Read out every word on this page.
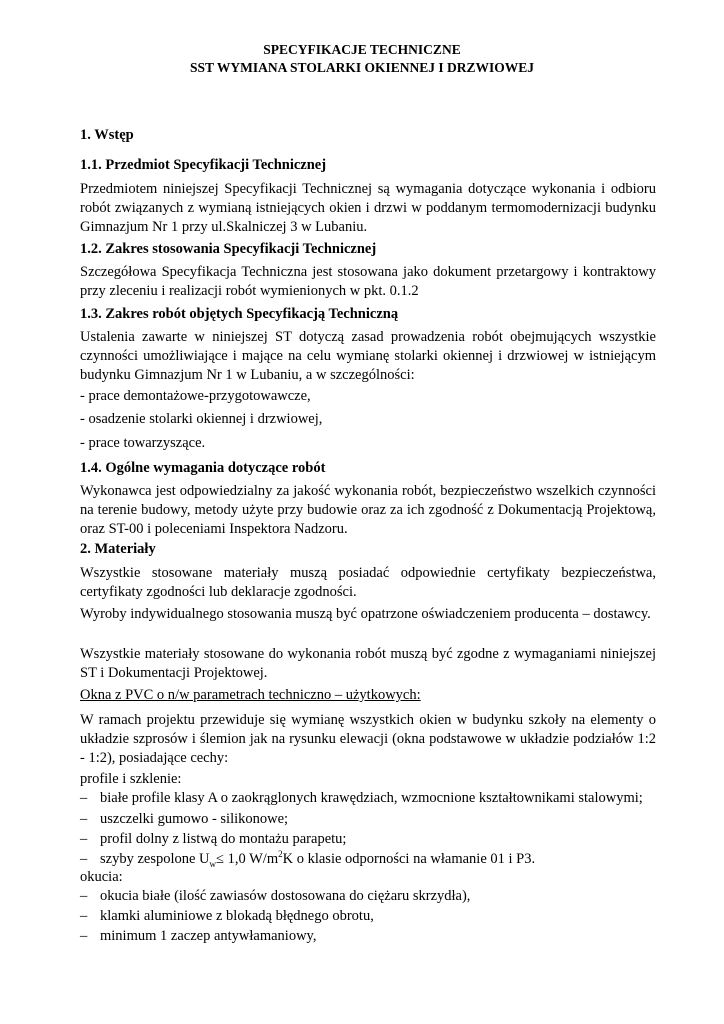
SPECYFIKACJE TECHNICZNE
SST WYMIANA STOLARKI OKIENNEJ I DRZWIOWEJ
1. Wstęp
1.1. Przedmiot Specyfikacji Technicznej
Przedmiotem niniejszej Specyfikacji Technicznej są wymagania dotyczące wykonania i odbioru robót związanych z wymianą istniejących okien i drzwi w poddanym termomodernizacji budynku Gimnazjum Nr 1 przy ul.Skalniczej 3 w Lubaniu.
1.2. Zakres stosowania Specyfikacji Technicznej
Szczegółowa Specyfikacja Techniczna jest stosowana jako dokument przetargowy i kontraktowy przy zleceniu i realizacji robót wymienionych w pkt. 0.1.2
1.3. Zakres robót objętych Specyfikacją Techniczną
Ustalenia zawarte w niniejszej ST dotyczą zasad prowadzenia robót obejmujących wszystkie czynności umożliwiające i mające na celu wymianę stolarki okiennej i drzwiowej w istniejącym budynku Gimnazjum Nr 1 w Lubaniu, a w szczególności:
- prace demontażowe-przygotowawcze,
- osadzenie stolarki okiennej i drzwiowej,
- prace towarzyszące.
1.4. Ogólne wymagania dotyczące robót
Wykonawca jest odpowiedzialny za jakość wykonania robót, bezpieczeństwo wszelkich czynności na terenie budowy, metody użyte przy budowie oraz za ich zgodność z Dokumentacją Projektową, oraz ST-00 i poleceniami Inspektora Nadzoru.
2. Materiały
Wszystkie stosowane materiały muszą posiadać odpowiednie certyfikaty bezpieczeństwa, certyfikaty zgodności lub deklaracje zgodności.
Wyroby indywidualnego stosowania muszą być opatrzone oświadczeniem producenta – dostawcy.
Wszystkie materiały stosowane do wykonania robót muszą być zgodne z wymaganiami niniejszej ST i Dokumentacji Projektowej.
Okna z PVC o n/w parametrach techniczno – użytkowych:
W ramach projektu przewiduje się wymianę wszystkich okien w budynku szkoły na elementy o układzie szprosów i ślemion jak na rysunku elewacji (okna podstawowe w układzie podziałów 1:2 - 1:2), posiadające cechy:
profile i szklenie:
– białe profile klasy A o zaokrąglonych krawędziach, wzmocnione kształtownikami stalowymi;
– uszczelki gumowo - silikonowe;
– profil dolny z listwą do montażu parapetu;
– szyby zespolone $U_w\le 1,0$ $W/m^2K$ o klasie odporności na włamanie 01 i P3.
okucia:
– okucia białe (ilość zawiasów dostosowana do ciężaru skrzydła),
– klamki aluminiowe z blokadą błędnego obrotu,
– minimum 1 zaczep antywłamaniowy,
